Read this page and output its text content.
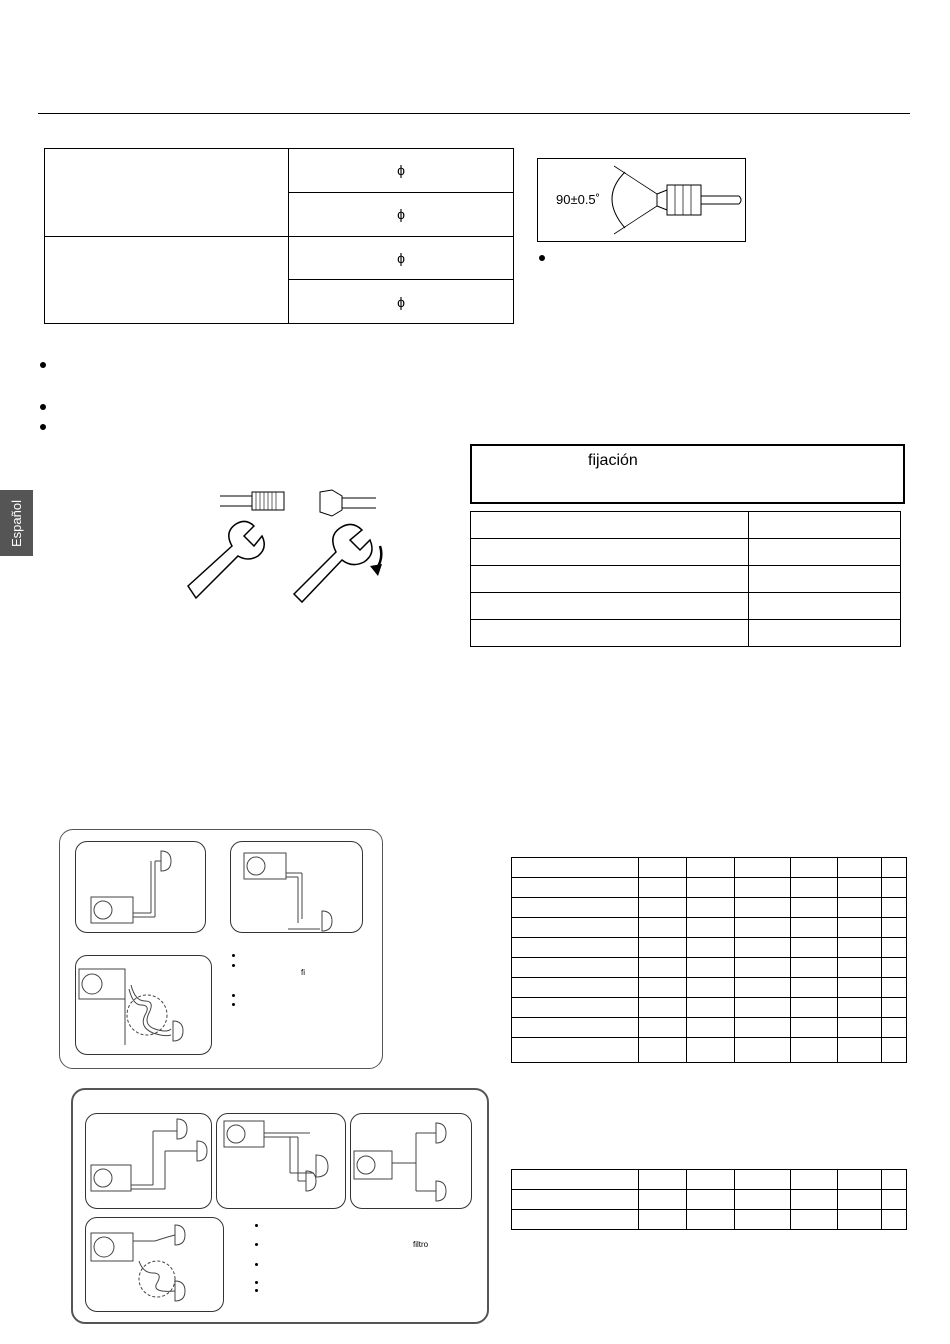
Español
	ϕ
	ϕ
	ϕ
	ϕ
90±0.5˚
fijación

fi

filtro
